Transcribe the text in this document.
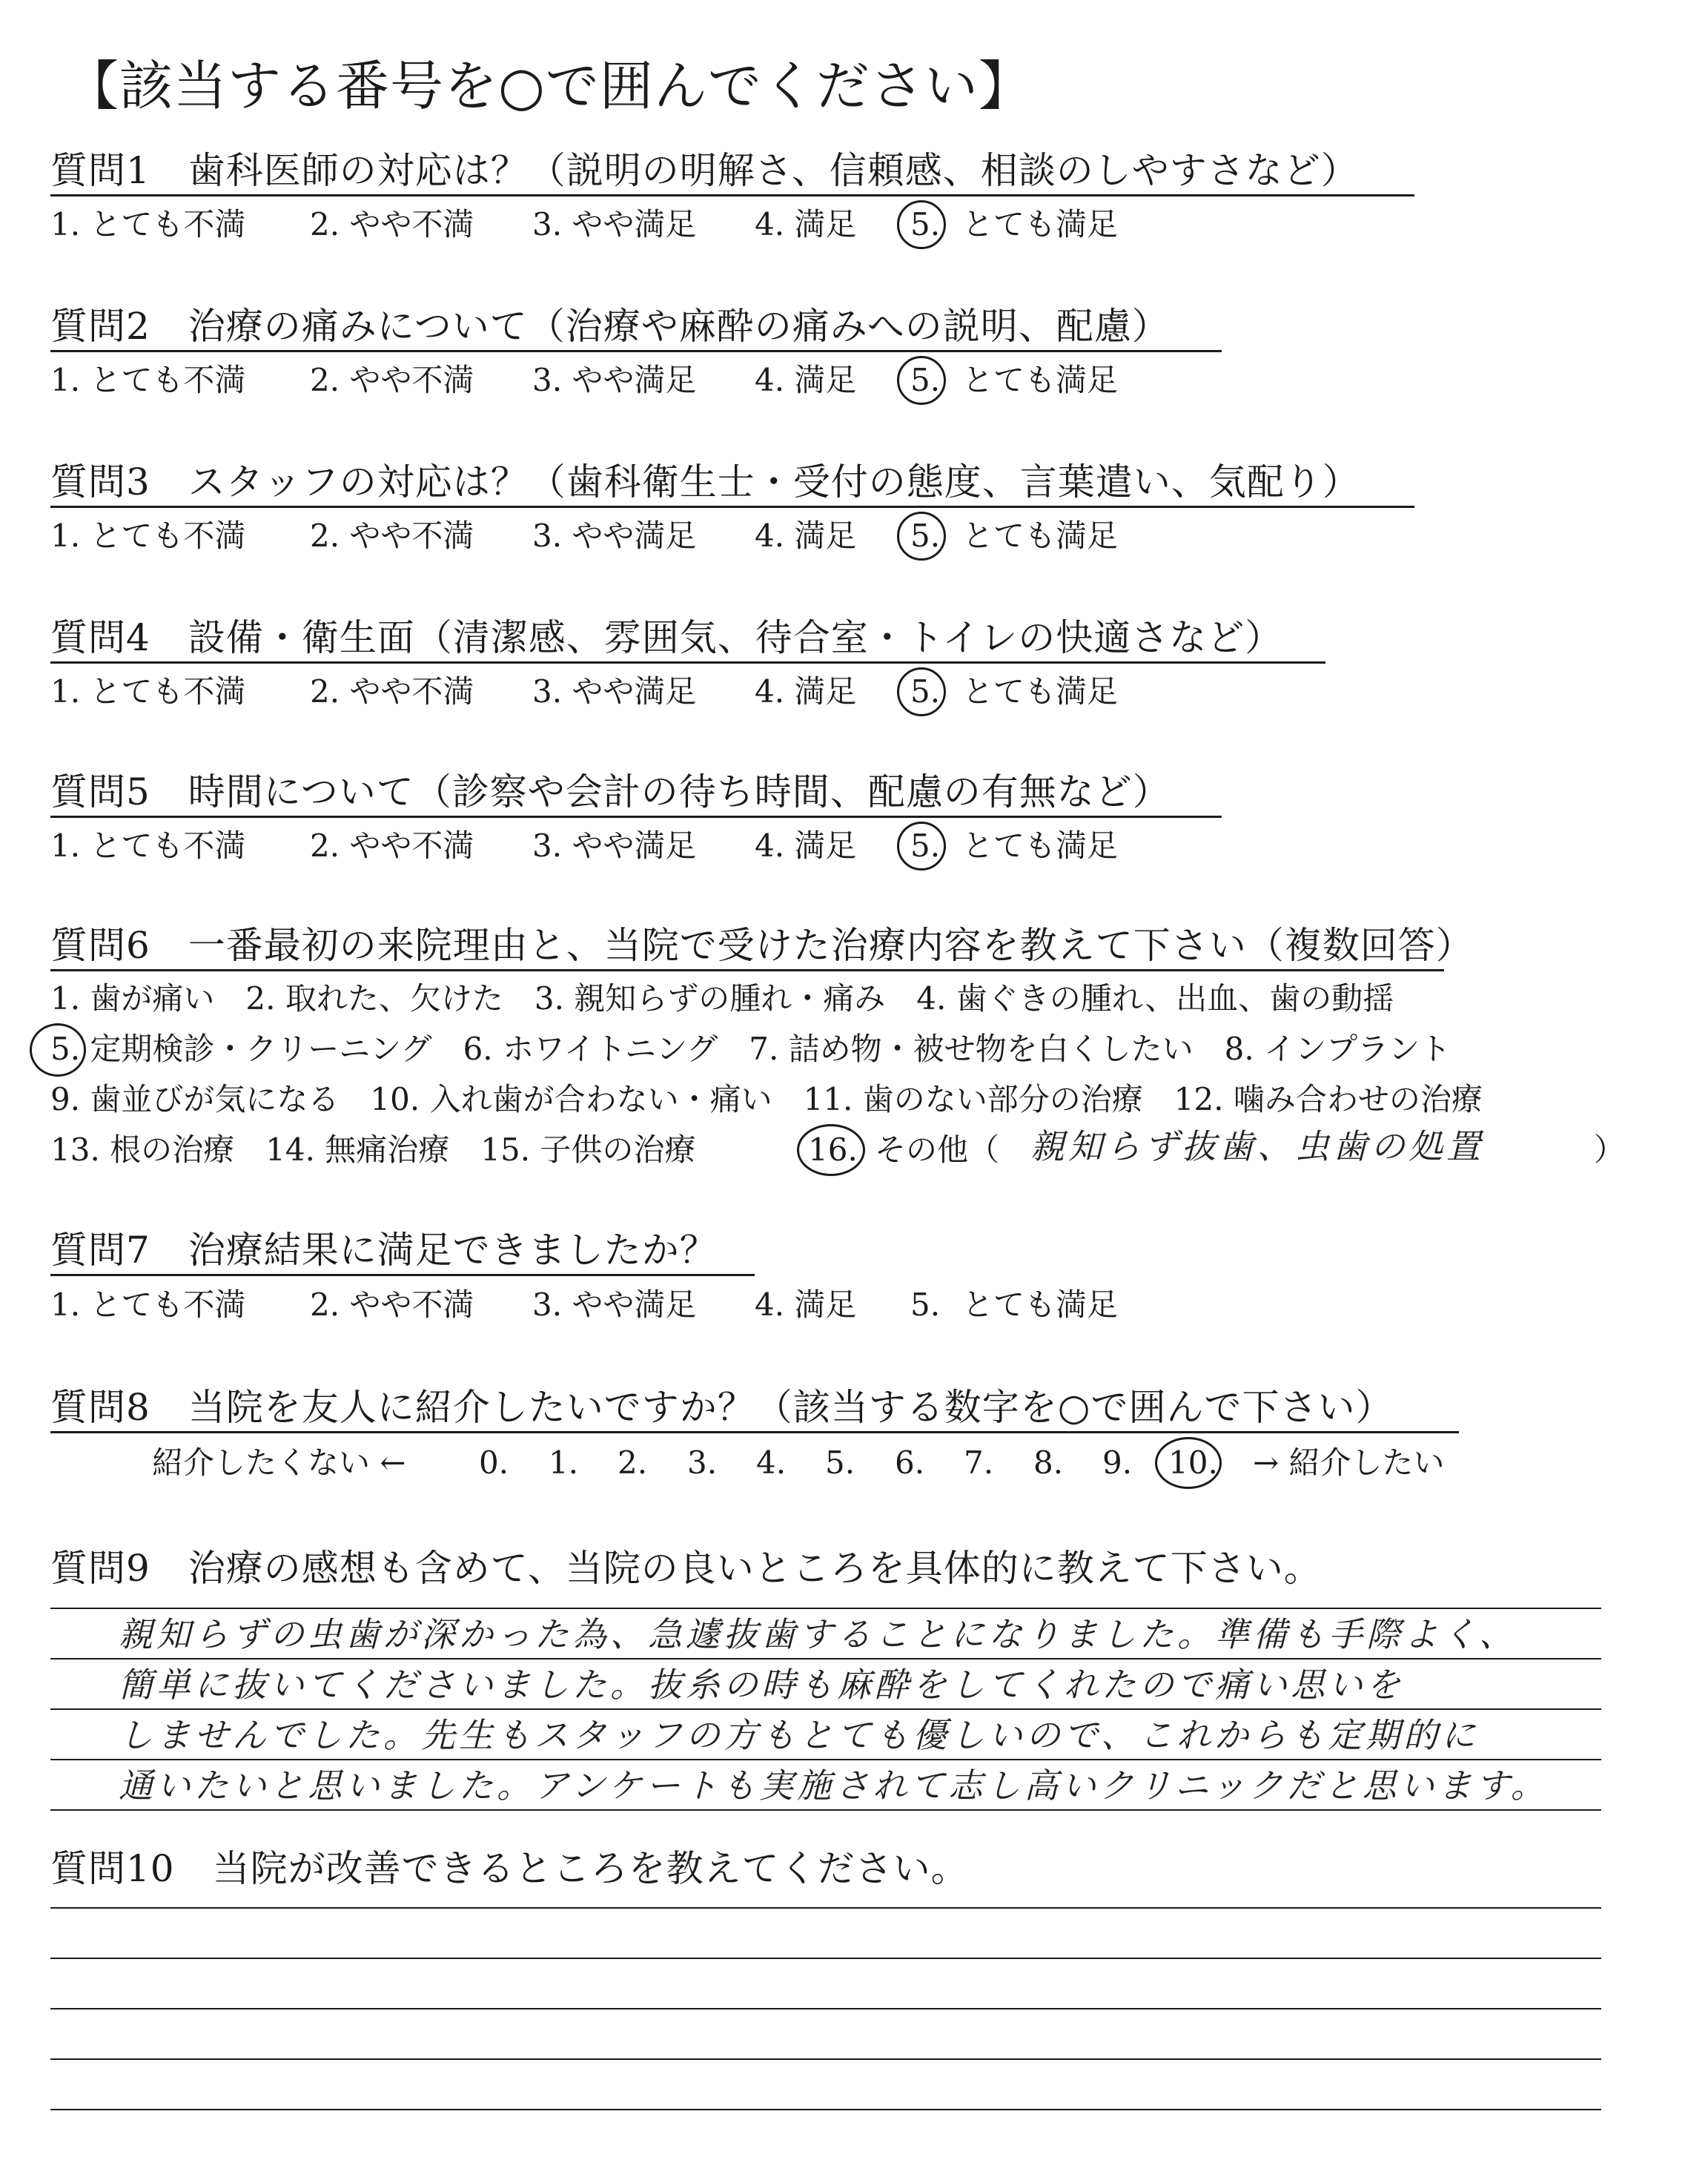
【該当する番号を○で囲んでください】
質問1　歯科医師の対応は？（説明の明解さ、信頼感、相談のしやすさなど）
1. とても不満 2. やや不満 3. やや満足 4. 満足 5. とても満足
質問2　治療の痛みについて（治療や麻酔の痛みへの説明、配慮）
1. とても不満 2. やや不満 3. やや満足 4. 満足 5. とても満足
質問3　スタッフの対応は？（歯科衛生士・受付の態度、言葉遣い、気配り）
1. とても不満 2. やや不満 3. やや満足 4. 満足 5. とても満足
質問4　設備・衛生面（清潔感、雰囲気、待合室・トイレの快適さなど）
1. とても不満 2. やや不満 3. やや満足 4. 満足 5. とても満足
質問5　時間について（診察や会計の待ち時間、配慮の有無など）
1. とても不満 2. やや不満 3. やや満足 4. 満足 5. とても満足
質問6　一番最初の来院理由と、当院で受けた治療内容を教えて下さい（複数回答）
1. 歯が痛い　2. 取れた、欠けた　3. 親知らずの腫れ・痛み　4. 歯ぐきの腫れ、出血、歯の動揺
5. 定期検診・クリーニング　6. ホワイトニング　7. 詰め物・被せ物を白くしたい　8. インプラント
9. 歯並びが気になる　10. 入れ歯が合わない・痛い　11. 歯のない部分の治療　12. 噛み合わせの治療
13. 根の治療　14. 無痛治療　15. 子供の治療	16. その他（ 親知らず抜歯、虫歯の処置	）
質問7　治療結果に満足できましたか？
1. とても不満 2. やや不満 3. やや満足 4. 満足 5. とても満足
質問8　当院を友人に紹介したいですか？（該当する数字を○で囲んで下さい）
紹介したくない ← 0. 1. 2. 3. 4. 5. 6. 7. 8. 9. 10. → 紹介したい
質問9　治療の感想も含めて、当院の良いところを具体的に教えて下さい。
親知らずの虫歯が深かった為、急遽抜歯することになりました。準備も手際よく、
簡単に抜いてくださいました。抜糸の時も麻酔をしてくれたので痛い思いを
しませんでした。先生もスタッフの方もとても優しいので、これからも定期的に
通いたいと思いました。アンケートも実施されて志し高いクリニックだと思います。
質問10　当院が改善できるところを教えてください。
